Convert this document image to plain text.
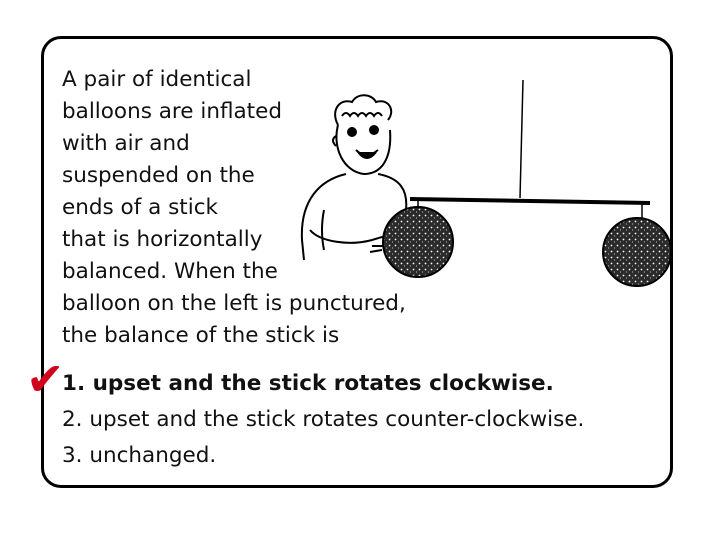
A pair of identical
balloons are inflated
with air and
suspended on the
ends of a stick
that is horizontally
balanced. When the
balloon on the left is punctured,
the balance of the stick is

✔
1. upset and the stick rotates clockwise.
2. upset and the stick rotates counter-clockwise.
3. unchanged.
